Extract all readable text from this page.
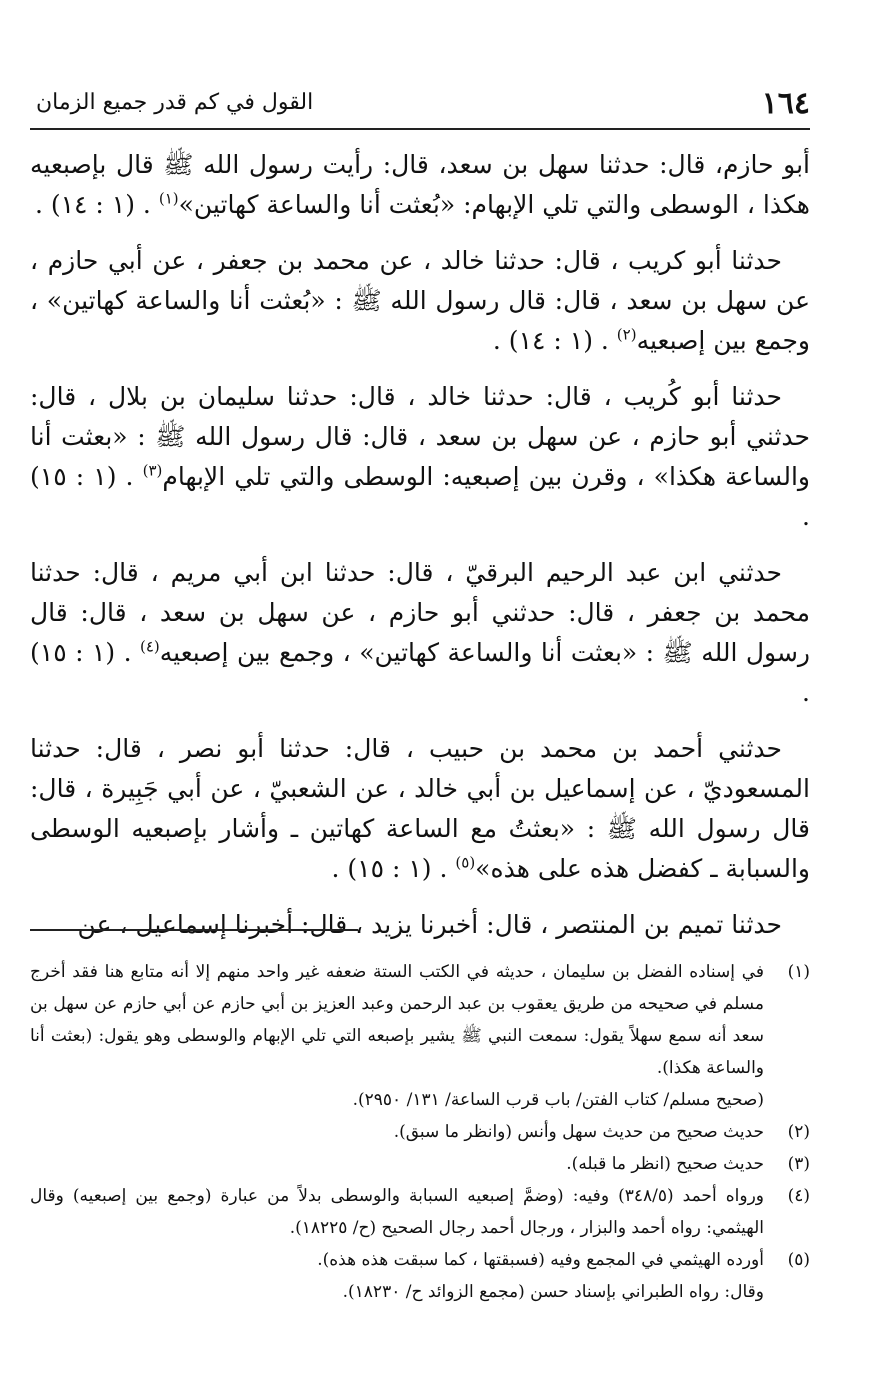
١٦٤
القول في كم قدر جميع الزمان

أبو حازم، قال: حدثنا سهل بن سعد، قال: رأيت رسول الله ﷺ قال بإصبعيه هكذا ، الوسطى والتي تلي الإبهام: «بُعثت أنا والساعة كهاتين»$^{(١)}$ . (١ : ١٤) .

حدثنا أبو كريب ، قال: حدثنا خالد ، عن محمد بن جعفر ، عن أبي حازم ، عن سهل بن سعد ، قال: قال رسول الله ﷺ : «بُعثت أنا والساعة كهاتين» ، وجمع بين إصبعيه$^{(٢)}$ . (١ : ١٤) .

حدثنا أبو كُريب ، قال: حدثنا خالد ، قال: حدثنا سليمان بن بلال ، قال: حدثني أبو حازم ، عن سهل بن سعد ، قال: قال رسول الله ﷺ : «بعثت أنا والساعة هكذا» ، وقرن بين إصبعيه: الوسطى والتي تلي الإبهام$^{(٣)}$ . (١ : ١٥) .

حدثني ابن عبد الرحيم البرقيّ ، قال: حدثنا ابن أبي مريم ، قال: حدثنا محمد بن جعفر ، قال: حدثني أبو حازم ، عن سهل بن سعد ، قال: قال رسول الله ﷺ : «بعثت أنا والساعة كهاتين» ، وجمع بين إصبعيه$^{(٤)}$ . (١ : ١٥) .

حدثني أحمد بن محمد بن حبيب ، قال: حدثنا أبو نصر ، قال: حدثنا المسعوديّ ، عن إسماعيل بن أبي خالد ، عن الشعبيّ ، عن أبي جَبِيرة ، قال: قال رسول الله ﷺ : «بعثتُ مع الساعة كهاتين ـ وأشار بإصبعيه الوسطى والسبابة ـ كفضل هذه على هذه»$^{(٥)}$ . (١ : ١٥) .

حدثنا تميم بن المنتصر ، قال: أخبرنا يزيد ، قال: أخبرنا إسماعيل ، عن

(١)
في إسناده الفضل بن سليمان ، حديثه في الكتب الستة ضعفه غير واحد منهم إلا أنه متابع هنا فقد أخرج مسلم في صحيحه من طريق يعقوب بن عبد الرحمن وعبد العزيز بن أبي حازم عن أبي حازم عن سهل بن سعد أنه سمع سهلاً يقول: سمعت النبي ﷺ يشير بإصبعه التي تلي الإبهام والوسطى وهو يقول: (بعثت أنا والساعة هكذا).
(صحيح مسلم/ كتاب الفتن/ باب قرب الساعة/ ١٣١/ ٢٩٥٠).
(٢)
حديث صحيح من حديث سهل وأنس (وانظر ما سبق).
(٣)
حديث صحيح (انظر ما قبله).
(٤)
ورواه أحمد (٣٤٨/٥) وفيه: (وضمَّ إصبعيه السبابة والوسطى بدلاً من عبارة (وجمع بين إصبعيه) وقال الهيثمي: رواه أحمد والبزار ، ورجال أحمد رجال الصحيح (ح/ ١٨٢٢٥).
(٥)
أورده الهيثمي في المجمع وفيه (فسبقتها ، كما سبقت هذه هذه).
وقال: رواه الطبراني بإسناد حسن (مجمع الزوائد ح/ ١٨٢٣٠).
